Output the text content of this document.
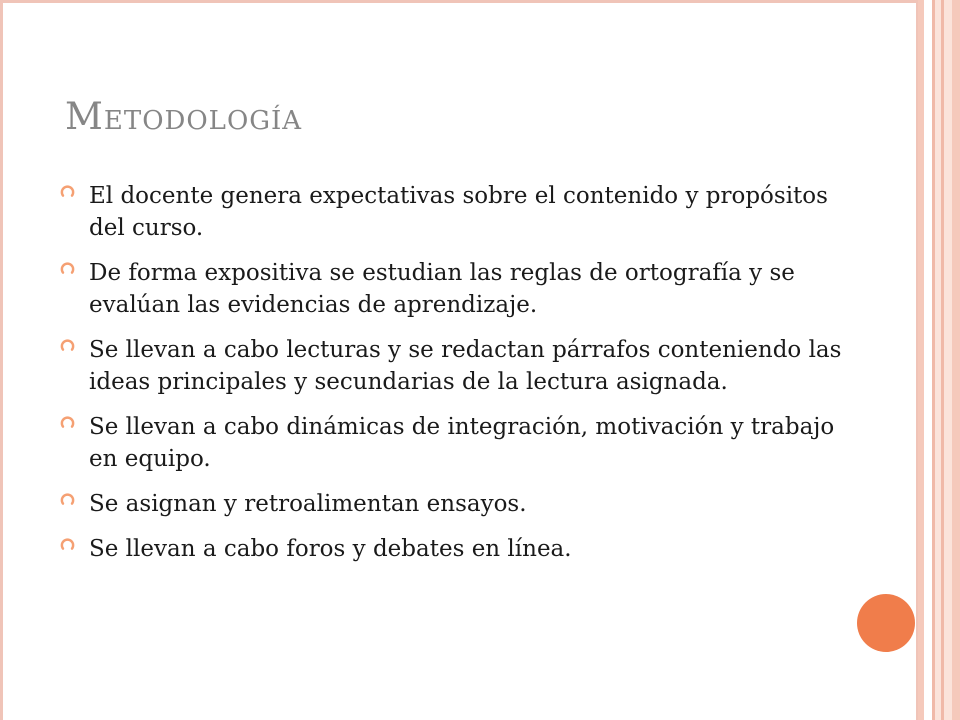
Metodología
El docente genera expectativas sobre el contenido y propósitos del curso.
De forma expositiva se estudian las reglas de ortografía y se evalúan las evidencias de aprendizaje.
Se llevan a cabo lecturas y se redactan párrafos conteniendo las ideas principales y secundarias de la lectura asignada.
Se llevan a cabo dinámicas de integración, motivación y trabajo en equipo.
Se asignan y retroalimentan ensayos.
Se llevan a cabo foros y debates en línea.
